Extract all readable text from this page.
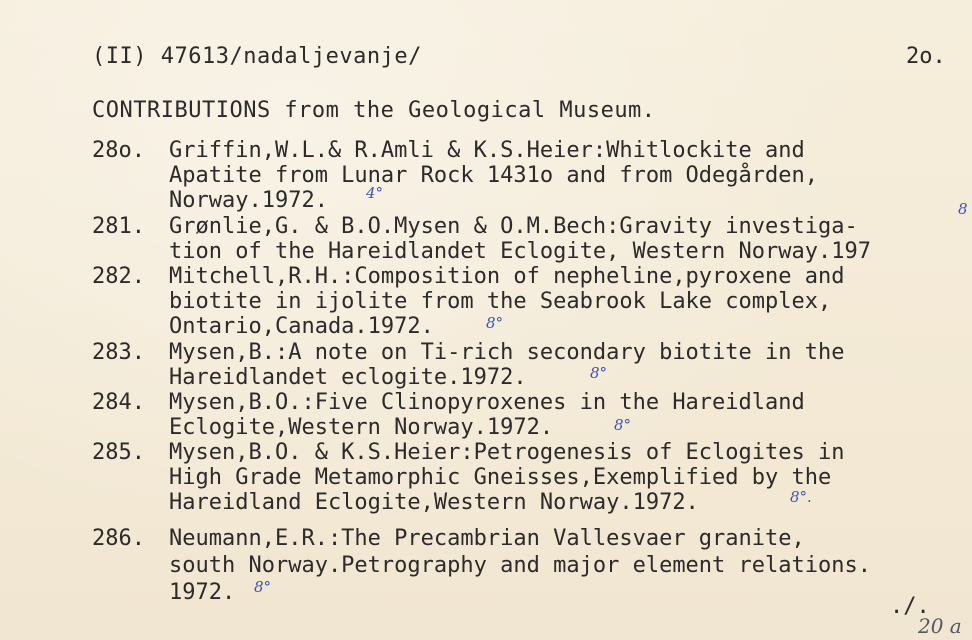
(II) 47613/nadaljevanje/	2o.
CONTRIBUTIONS from the Geological Museum.
28o. Griffin,W.L.& R.Amli & K.S.Heier:Whitlockite and
Apatite from Lunar Rock 1431o and from Odegården,
Norway.1972.	4°
281. Grønlie,G. & B.O.Mysen & O.M.Bech:Gravity investiga-
tion of the Hareidlandet Eclogite, Western Norway.197
8
282. Mitchell,R.H.:Composition of nepheline,pyroxene and
biotite in ijolite from the Seabrook Lake complex,
Ontario,Canada.1972.	8°
283. Mysen,B.:A note on Ti-rich secondary biotite in the
Hareidlandet eclogite.1972.	8°
284. Mysen,B.O.:Five Clinopyroxenes in the Hareidland
Eclogite,Western Norway.1972.	8°
285. Mysen,B.O. & K.S.Heier:Petrogenesis of Eclogites in
High Grade Metamorphic Gneisses,Exemplified by the
Hareidland Eclogite,Western Norway.1972.	8°.
286. Neumann,E.R.:The Precambrian Vallesvaer granite,
south Norway.Petrography and major element relations.
1972. 8°
./.
20 a
